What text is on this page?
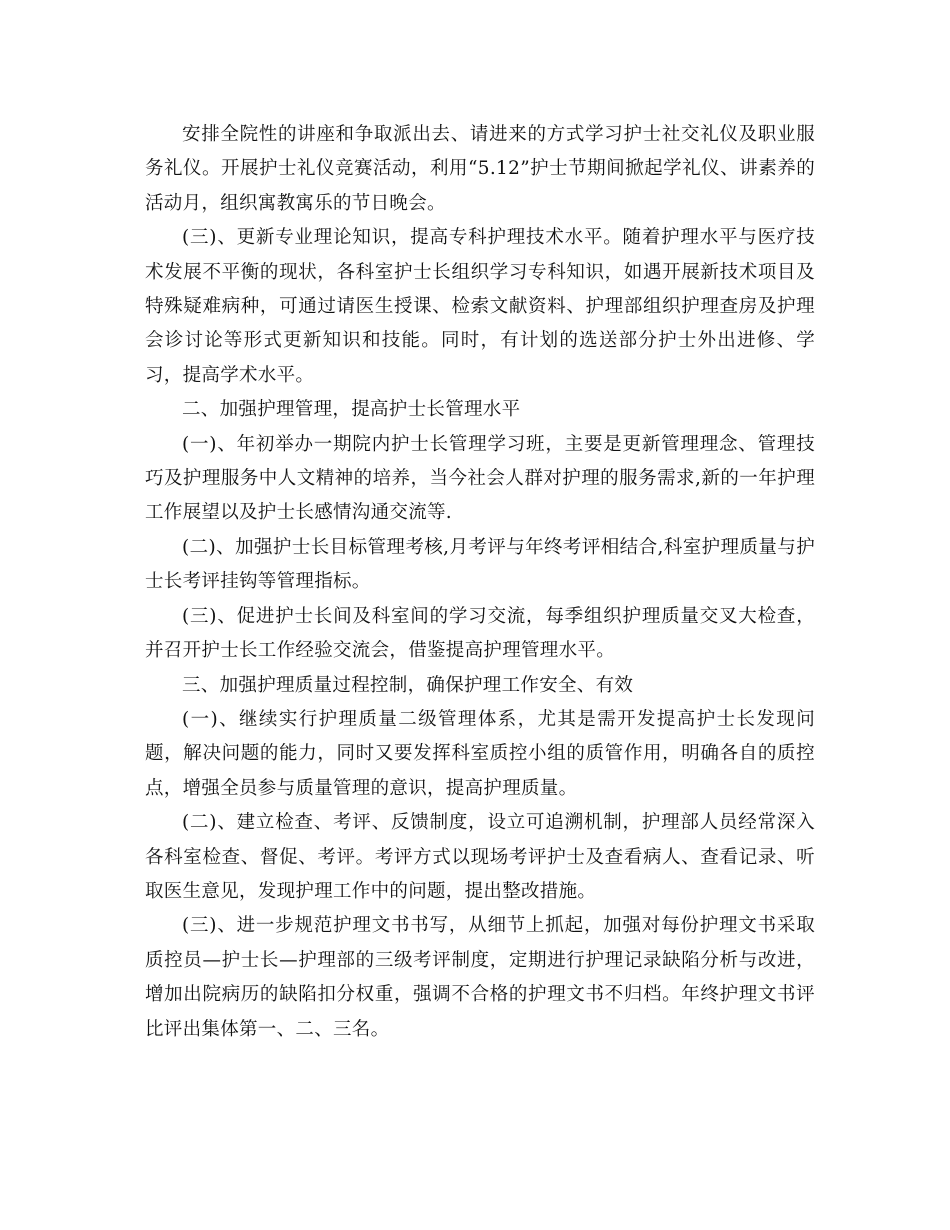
安排全院性的讲座和争取派出去、请进来的方式学习护士社交礼仪及职业服务礼仪。开展护士礼仪竞赛活动，利用“5.12”护士节期间掀起学礼仪、讲素养的活动月，组织寓教寓乐的节日晚会。

(三)、更新专业理论知识，提高专科护理技术水平。随着护理水平与医疗技术发展不平衡的现状，各科室护士长组织学习专科知识，如遇开展新技术项目及特殊疑难病种，可通过请医生授课、检索文献资料、护理部组织护理查房及护理会诊讨论等形式更新知识和技能。同时，有计划的选送部分护士外出进修、学习，提高学术水平。

二、加强护理管理，提高护士长管理水平

(一)、年初举办一期院内护士长管理学习班，主要是更新管理理念、管理技巧及护理服务中人文精神的培养，当今社会人群对护理的服务需求,新的一年护理工作展望以及护士长感情沟通交流等.

(二)、加强护士长目标管理考核,月考评与年终考评相结合,科室护理质量与护士长考评挂钩等管理指标。

(三)、促进护士长间及科室间的学习交流，每季组织护理质量交叉大检查，并召开护士长工作经验交流会，借鉴提高护理管理水平。

三、加强护理质量过程控制，确保护理工作安全、有效

(一)、继续实行护理质量二级管理体系，尤其是需开发提高护士长发现问题，解决问题的能力，同时又要发挥科室质控小组的质管作用，明确各自的质控点，增强全员参与质量管理的意识，提高护理质量。

(二)、建立检查、考评、反馈制度，设立可追溯机制，护理部人员经常深入各科室检查、督促、考评。考评方式以现场考评护士及查看病人、查看记录、听取医生意见，发现护理工作中的问题，提出整改措施。

(三)、进一步规范护理文书书写，从细节上抓起，加强对每份护理文书采取质控员—护士长—护理部的三级考评制度，定期进行护理记录缺陷分析与改进，增加出院病历的缺陷扣分权重，强调不合格的护理文书不归档。年终护理文书评比评出集体第一、二、三名。
